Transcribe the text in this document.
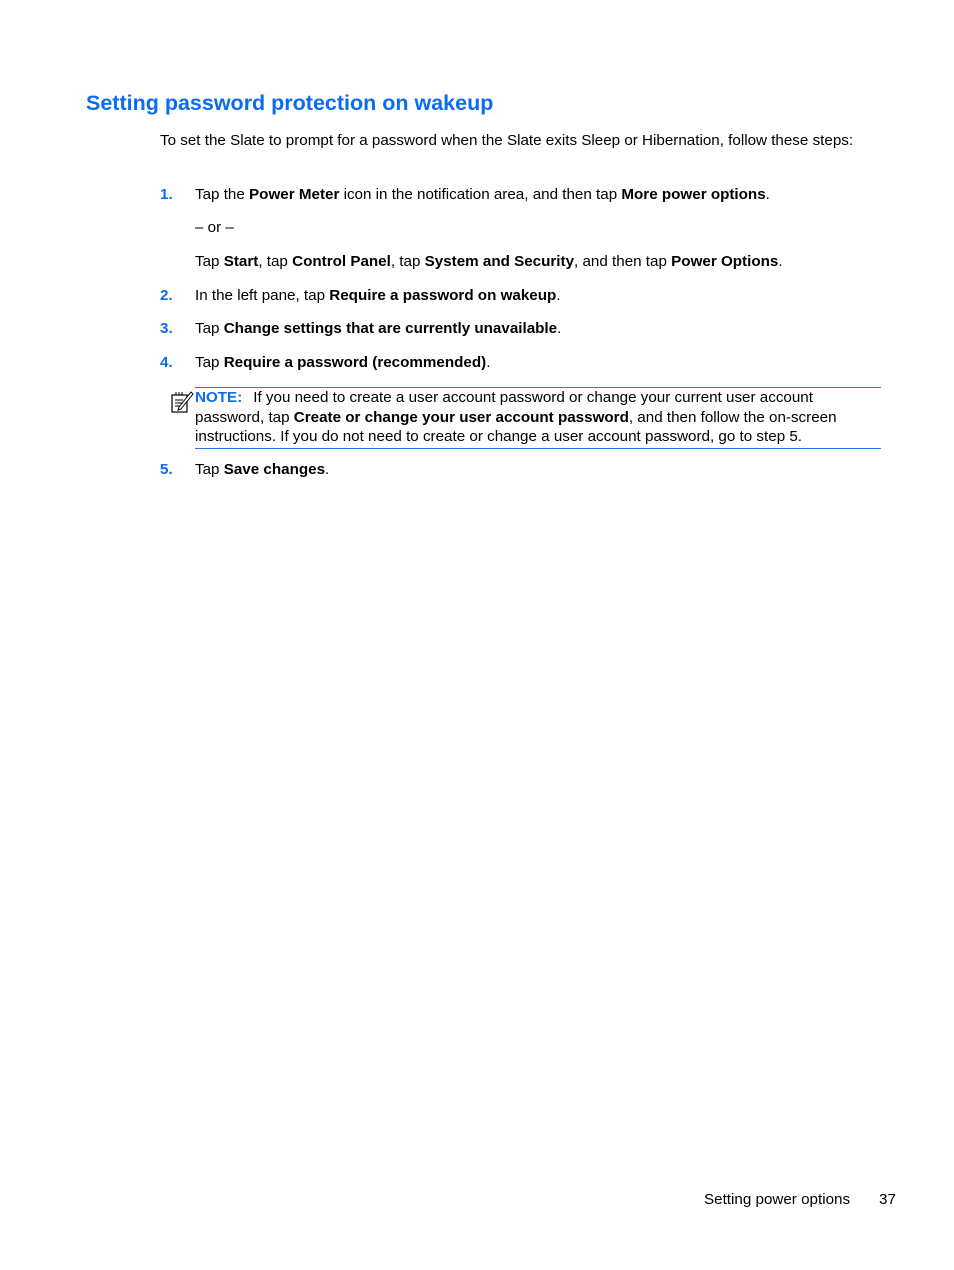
Setting password protection on wakeup
To set the Slate to prompt for a password when the Slate exits Sleep or Hibernation, follow these steps:
1. Tap the Power Meter icon in the notification area, and then tap More power options.
– or –
Tap Start, tap Control Panel, tap System and Security, and then tap Power Options.
2. In the left pane, tap Require a password on wakeup.
3. Tap Change settings that are currently unavailable.
4. Tap Require a password (recommended).
NOTE: If you need to create a user account password or change your current user account password, tap Create or change your user account password, and then follow the on-screen instructions. If you do not need to create or change a user account password, go to step 5.
5. Tap Save changes.
Setting power options 37
